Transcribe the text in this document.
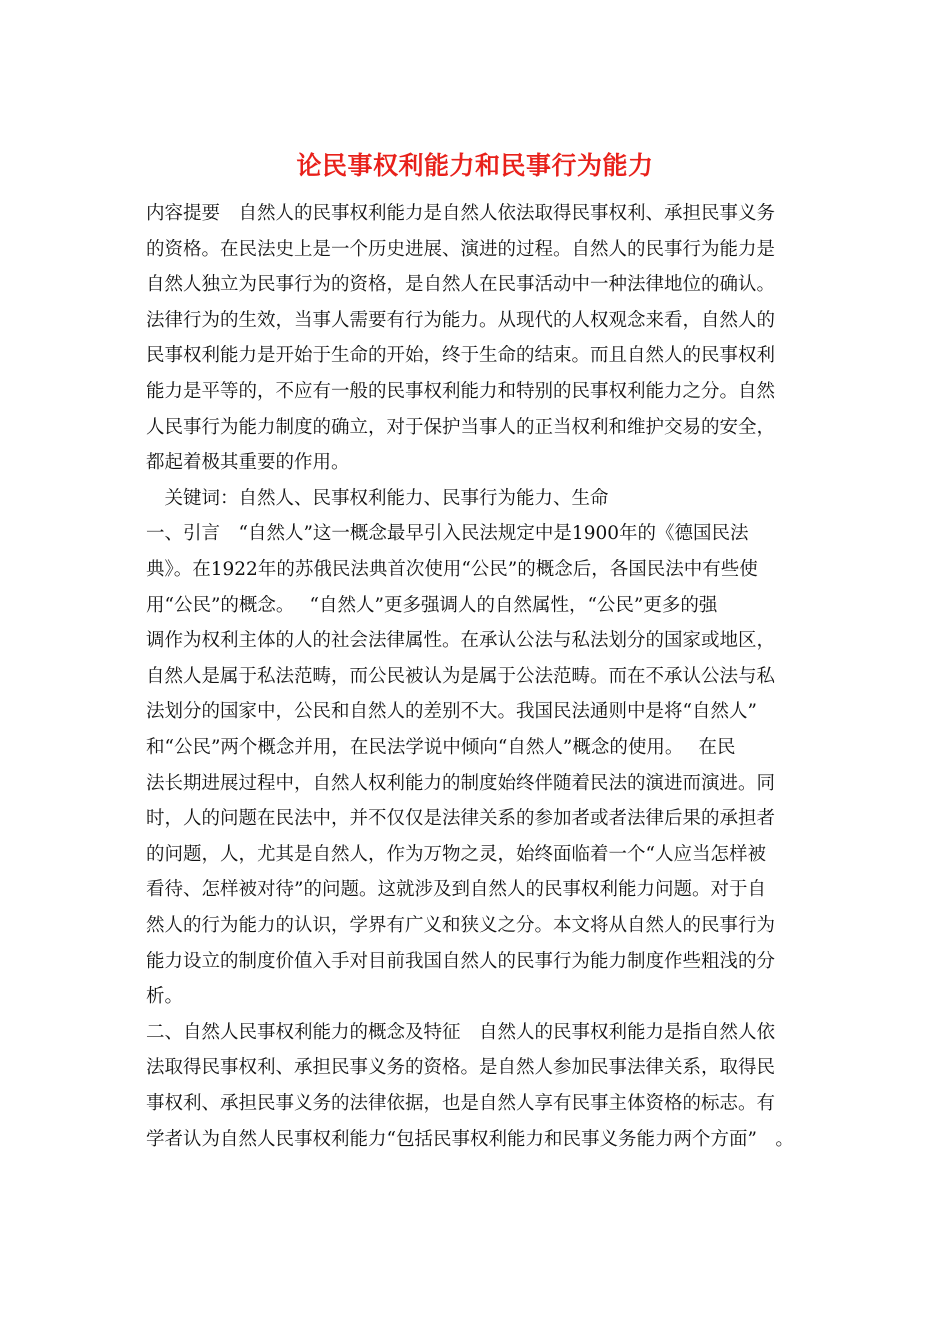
论民事权利能力和民事行为能力
内容提要　自然人的民事权利能力是自然人依法取得民事权利、承担民事义务
的资格。在民法史上是一个历史进展、演进的过程。自然人的民事行为能力是
自然人独立为民事行为的资格，是自然人在民事活动中一种法律地位的确认。
法律行为的生效，当事人需要有行为能力。从现代的人权观念来看，自然人的
民事权利能力是开始于生命的开始，终于生命的结束。而且自然人的民事权利
能力是平等的，不应有一般的民事权利能力和特别的民事权利能力之分。自然
人民事行为能力制度的确立，对于保护当事人的正当权利和维护交易的安全，
都起着极其重要的作用。
　关键词：自然人、民事权利能力、民事行为能力、生命
一、引言　“自然人”这一概念最早引入民法规定中是1900年的《德国民法
典》。在1922年的苏俄民法典首次使用“公民”的概念后，各国民法中有些使
用“公民”的概念。　 “自然人”更多强调人的自然属性，“公民”更多的强
调作为权利主体的人的社会法律属性。在承认公法与私法划分的国家或地区，
自然人是属于私法范畴，而公民被认为是属于公法范畴。而在不承认公法与私
法划分的国家中，公民和自然人的差别不大。我国民法通则中是将“自然人”
和“公民”两个概念并用，在民法学说中倾向“自然人”概念的使用。　 在民
法长期进展过程中，自然人权利能力的制度始终伴随着民法的演进而演进。同
时，人的问题在民法中，并不仅仅是法律关系的参加者或者法律后果的承担者
的问题，人，尤其是自然人，作为万物之灵，始终面临着一个“人应当怎样被
看待、怎样被对待”的问题。这就涉及到自然人的民事权利能力问题。对于自
然人的行为能力的认识，学界有广义和狭义之分。本文将从自然人的民事行为
能力设立的制度价值入手对目前我国自然人的民事行为能力制度作些粗浅的分
析。
二、自然人民事权利能力的概念及特征　自然人的民事权利能力是指自然人依
法取得民事权利、承担民事义务的资格。是自然人参加民事法律关系，取得民
事权利、承担民事义务的法律依据，也是自然人享有民事主体资格的标志。有
学者认为自然人民事权利能力“包括民事权利能力和民事义务能力两个方面”　。
